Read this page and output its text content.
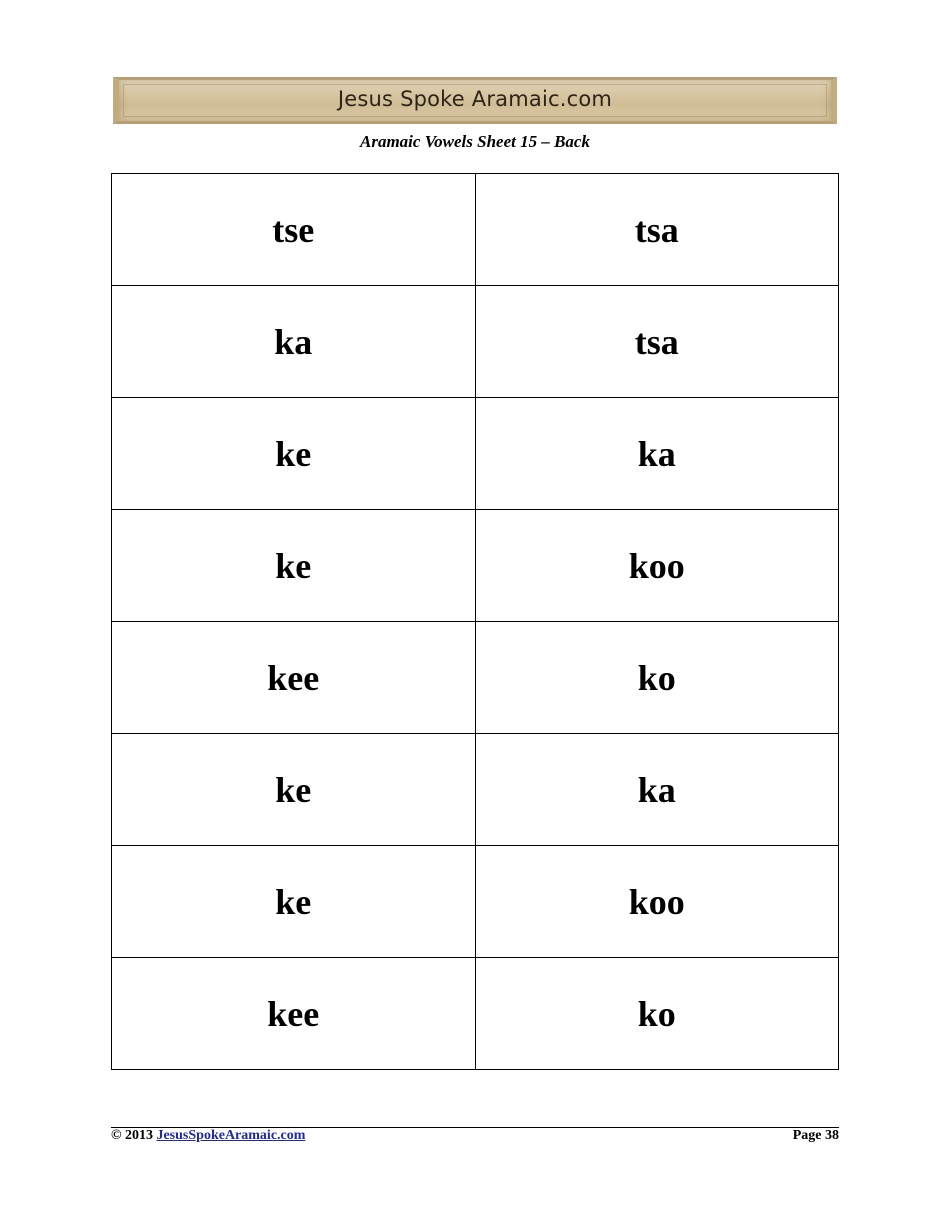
Jesus Spoke Aramaic.com
Aramaic Vowels Sheet 15 – Back
tse	tsa
ka	tsa
ke	ka
ke	koo
kee	ko
ke	ka
ke	koo
kee	ko
© 2013 JesusSpokeAramaic.com	Page 38
